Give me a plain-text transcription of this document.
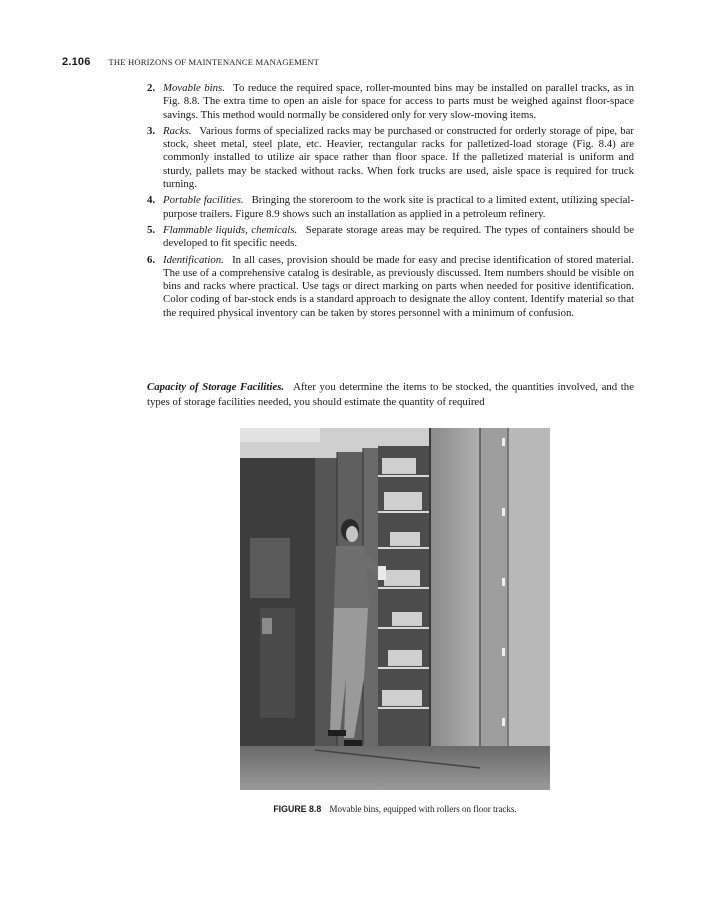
2.106 THE HORIZONS OF MAINTENANCE MANAGEMENT
2. Movable bins. To reduce the required space, roller-mounted bins may be installed on parallel tracks, as in Fig. 8.8. The extra time to open an aisle for space for access to parts must be weighed against floor-space savings. This method would normally be considered only for very slow-moving items.
3. Racks. Various forms of specialized racks may be purchased or constructed for orderly storage of pipe, bar stock, sheet metal, steel plate, etc. Heavier, rectangular racks for palletized-load storage (Fig. 8.4) are commonly installed to utilize air space rather than floor space. If the palletized material is uniform and sturdy, pallets may be stacked without racks. When fork trucks are used, aisle space is required for truck turning.
4. Portable facilities. Bringing the storeroom to the work site is practical to a limited extent, utilizing special-purpose trailers. Figure 8.9 shows such an installation as applied in a petroleum refinery.
5. Flammable liquids, chemicals. Separate storage areas may be required. The types of containers should be developed to fit specific needs.
6. Identification. In all cases, provision should be made for easy and precise identification of stored material. The use of a comprehensive catalog is desirable, as previously discussed. Item numbers should be visible on bins and racks where practical. Use tags or direct marking on parts when needed for positive identification. Color coding of bar-stock ends is a standard approach to designate the alloy content. Identify material so that the required physical inventory can be taken by stores personnel with a minimum of confusion.

Capacity of Storage Facilities. After you determine the items to be stocked, the quantities involved, and the types of storage facilities needed, you should estimate the quantity of required

FIGURE 8.8 Movable bins, equipped with rollers on floor tracks.
